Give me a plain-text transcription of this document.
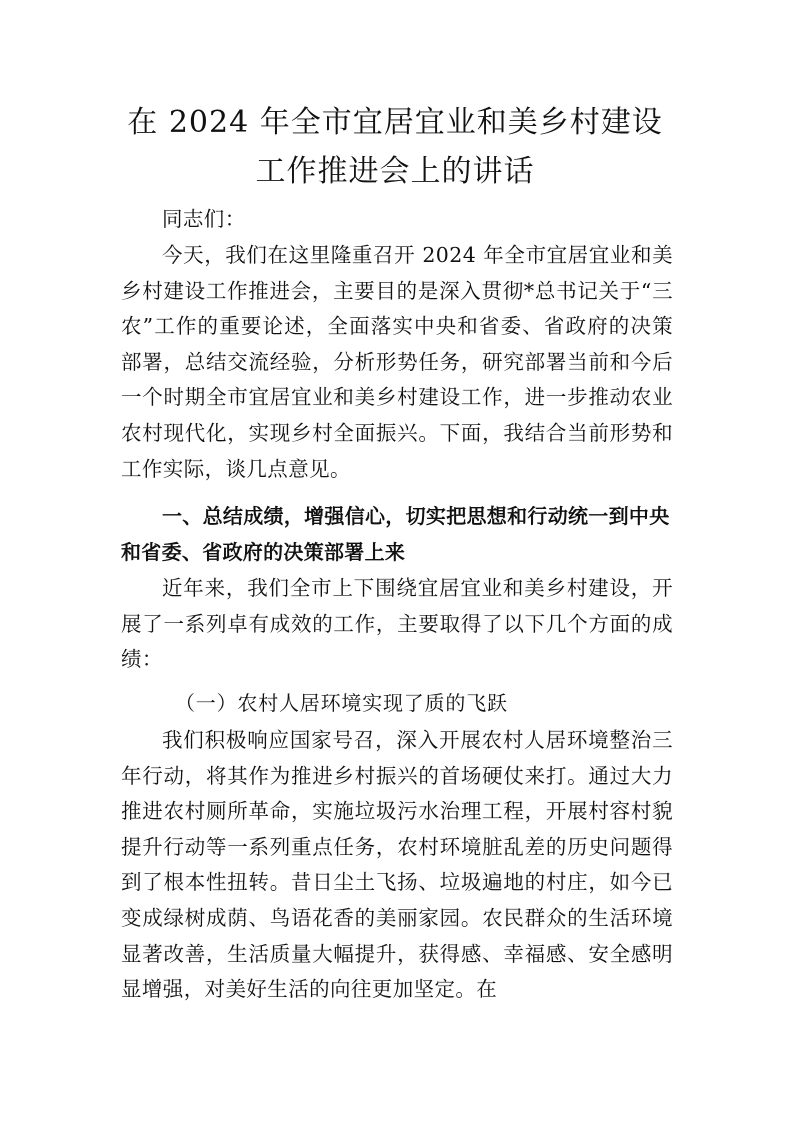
在 2024 年全市宜居宜业和美乡村建设工作推进会上的讲话

同志们：

今天，我们在这里隆重召开 2024 年全市宜居宜业和美乡村建设工作推进会，主要目的是深入贯彻*总书记关于“三农”工作的重要论述，全面落实中央和省委、省政府的决策部署，总结交流经验，分析形势任务，研究部署当前和今后一个时期全市宜居宜业和美乡村建设工作，进一步推动农业农村现代化，实现乡村全面振兴。下面，我结合当前形势和工作实际，谈几点意见。

一、总结成绩，增强信心，切实把思想和行动统一到中央和省委、省政府的决策部署上来

近年来，我们全市上下围绕宜居宜业和美乡村建设，开展了一系列卓有成效的工作，主要取得了以下几个方面的成绩：

（一）农村人居环境实现了质的飞跃

我们积极响应国家号召，深入开展农村人居环境整治三年行动，将其作为推进乡村振兴的首场硬仗来打。通过大力推进农村厕所革命，实施垃圾污水治理工程，开展村容村貌提升行动等一系列重点任务，农村环境脏乱差的历史问题得到了根本性扭转。昔日尘土飞扬、垃圾遍地的村庄，如今已变成绿树成荫、鸟语花香的美丽家园。农民群众的生活环境显著改善，生活质量大幅提升，获得感、幸福感、安全感明显增强，对美好生活的向往更加坚定。在
